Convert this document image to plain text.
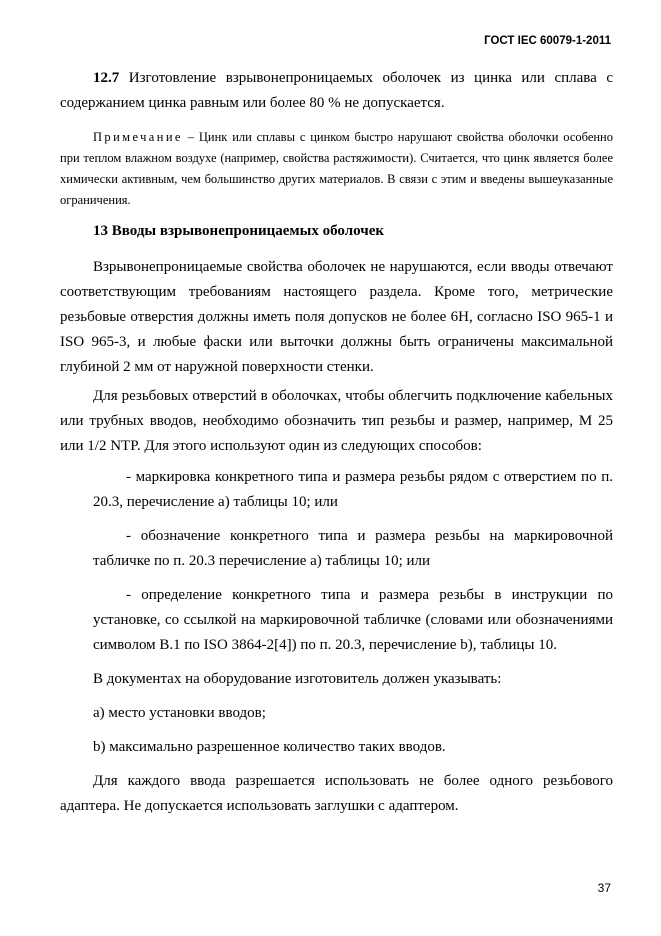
ГОСТ IEC 60079-1-2011

12.7 Изготовление взрывонепроницаемых оболочек из цинка или сплава с содержанием цинка равным или более 80 % не допускается.

Примечание – Цинк или сплавы с цинком быстро нарушают свойства оболочки особенно при теплом влажном воздухе (например, свойства растяжимости). Считается, что цинк является более химически активным, чем большинство других материалов. В связи с этим и введены вышеуказанные ограничения.

13 Вводы взрывонепроницаемых оболочек

Взрывонепроницаемые свойства оболочек не нарушаются, если вводы отвечают соответствующим требованиям настоящего раздела. Кроме того, метрические резьбовые отверстия должны иметь поля допусков не более 6H, согласно ISO 965-1 и ISO 965-3, и любые фаски или выточки должны быть ограничены максимальной глубиной 2 мм от наружной поверхности стенки.

Для резьбовых отверстий в оболочках, чтобы облегчить подключение кабельных или трубных вводов, необходимо обозначить тип резьбы и размер, например, М 25 или 1/2 NTP. Для этого используют один из следующих способов:

- маркировка конкретного типа и размера резьбы рядом с отверстием по п. 20.3, перечисление а) таблицы 10; или

- обозначение конкретного типа и размера резьбы на маркировочной табличке по п. 20.3 перечисление а) таблицы 10; или

- определение конкретного типа и размера резьбы в инструкции по установке, со ссылкой на маркировочной табличке (словами или обозначениями символом В.1 по ISO 3864-2[4]) по п. 20.3, перечисление b), таблицы 10.

В документах на оборудование изготовитель должен указывать:

а) место установки вводов;

b) максимально разрешенное количество таких вводов.

Для каждого ввода разрешается использовать не более одного резьбового адаптера. Не допускается использовать заглушки с адаптером.

37
